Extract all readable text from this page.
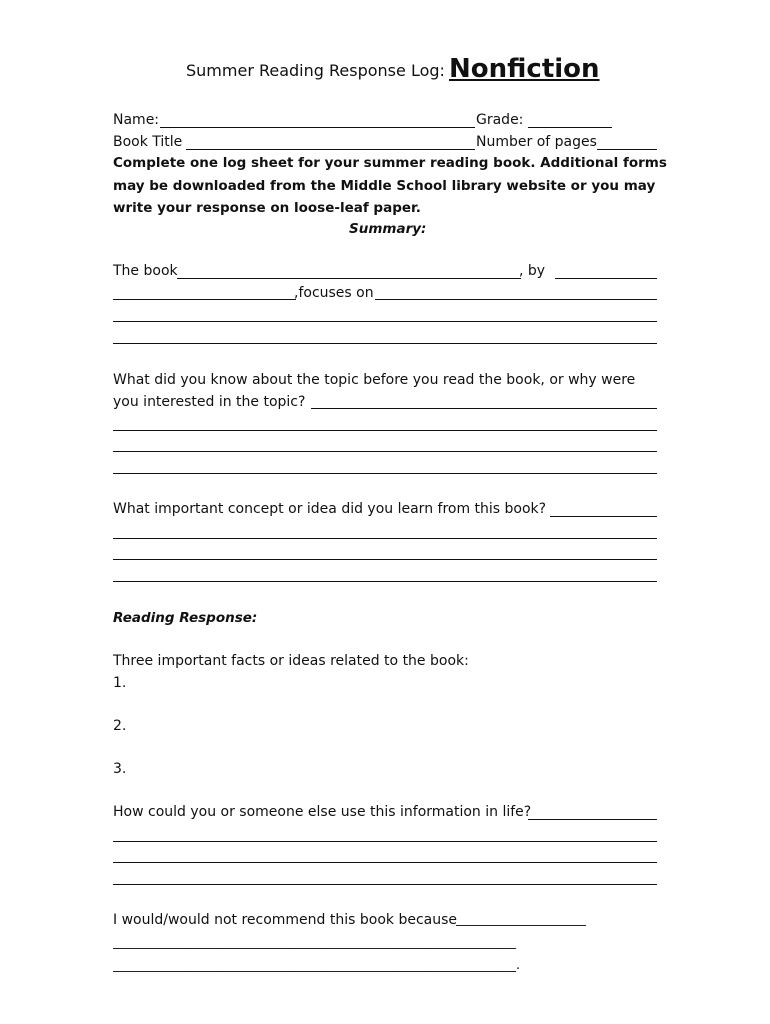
Summer Reading Response Log: Nonfiction
Name:	Grade:
Book Title	Number of pages
Complete one log sheet for your summer reading book. Additional forms
may be downloaded from the Middle School library website or you may
write your response on loose-leaf paper.
Summary:
The book	, by
,focuses on
What did you know about the topic before you read the book, or why were
you interested in the topic?
What important concept or idea did you learn from this book?
Reading Response:
Three important facts or ideas related to the book:
1.
2.
3.
How could you or someone else use this information in life?
I would/would not recommend this book because
____________________
______________________________________________________________
______________________________________________________________.
